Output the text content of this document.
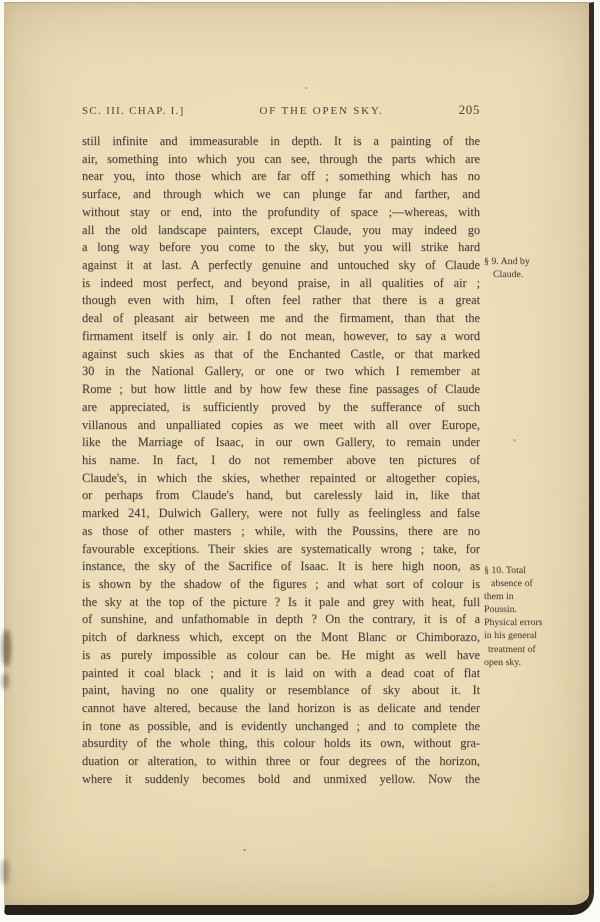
SC. III. CHAP. I.]	OF THE OPEN SKY.	205
still infinite and immeasurable in depth. It is a painting of the
air, something into which you can see, through the parts which are
near you, into those which are far off ; something which has no
surface, and through which we can plunge far and farther, and
without stay or end, into the profundity of space ;—whereas, with
all the old landscape painters, except Claude, you may indeed go
a long way before you come to the sky, but you will strike hard
against it at last. A perfectly genuine and untouched sky of Claude
is indeed most perfect, and beyond praise, in all qualities of air ;
though even with him, I often feel rather that there is a great
deal of pleasant air between me and the firmament, than that the
firmament itself is only air. I do not mean, however, to say a word
against such skies as that of the Enchanted Castle, or that marked
30 in the National Gallery, or one or two which I remember at
Rome ; but how little and by how few these fine passages of Claude
are appreciated, is sufficiently proved by the sufferance of such
villanous and unpalliated copies as we meet with all over Europe,
like the Marriage of Isaac, in our own Gallery, to remain under
his name. In fact, I do not remember above ten pictures of
Claude's, in which the skies, whether repainted or altogether copies,
or perhaps from Claude's hand, but carelessly laid in, like that
marked 241, Dulwich Gallery, were not fully as feelingless and false
as those of other masters ; while, with the Poussins, there are no
favourable exceptions. Their skies are systematically wrong ; take, for
instance, the sky of the Sacrifice of Isaac. It is here high noon, as
is shown by the shadow of the figures ; and what sort of colour is
the sky at the top of the picture ? Is it pale and grey with heat, full
of sunshine, and unfathomable in depth ? On the contrary, it is of a
pitch of darkness which, except on the Mont Blanc or Chimborazo,
is as purely impossible as colour can be. He might as well have
painted it coal black ; and it is laid on with a dead coat of flat
paint, having no one quality or resemblance of sky about it. It
cannot have altered, because the land horizon is as delicate and tender
in tone as possible, and is evidently unchanged ; and to complete the
absurdity of the whole thing, this colour holds its own, without gra-
duation or alteration, to within three or four degrees of the horizon,
where it suddenly becomes bold and unmixed yellow. Now the
§ 9. And by
Claude.
§ 10. Total
absence of
them in
Poussin.
Physical errors
in his general
treatment of
open sky.
